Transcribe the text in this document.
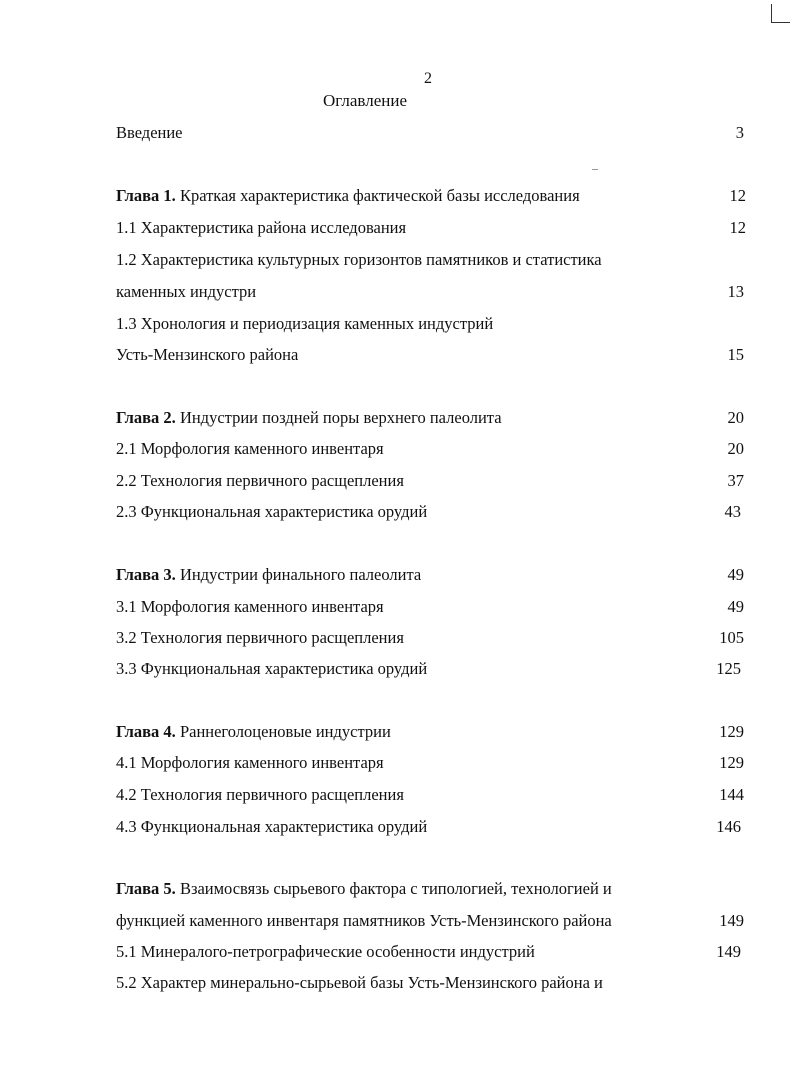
2
Оглавление
Введение	3
Глава 1. Краткая характеристика фактической базы исследования	12
1.1 Характеристика района исследования	12
1.2 Характеристика культурных горизонтов памятников и статистика
каменных индустри	13
1.3 Хронология и периодизация каменных индустрий
Усть-Мензинского района	15
Глава 2. Индустрии поздней поры верхнего палеолита	20
2.1 Морфология каменного инвентаря	20
2.2 Технология первичного расщепления	37
2.3 Функциональная характеристика орудий	43
Глава 3. Индустрии финального палеолита	49
3.1 Морфология каменного инвентаря	49
3.2 Технология первичного расщепления	105
3.3 Функциональная характеристика орудий	125
Глава 4. Раннеголоценовые индустрии	129
4.1 Морфология каменного инвентаря	129
4.2 Технология первичного расщепления	144
4.3 Функциональная характеристика орудий	146
Глава 5. Взаимосвязь сырьевого фактора с типологией, технологией и
функцией каменного инвентаря памятников Усть-Мензинского района	149
5.1 Минералого-петрографические особенности индустрий	149
5.2 Характер минерально-сырьевой базы Усть-Мензинского района и
